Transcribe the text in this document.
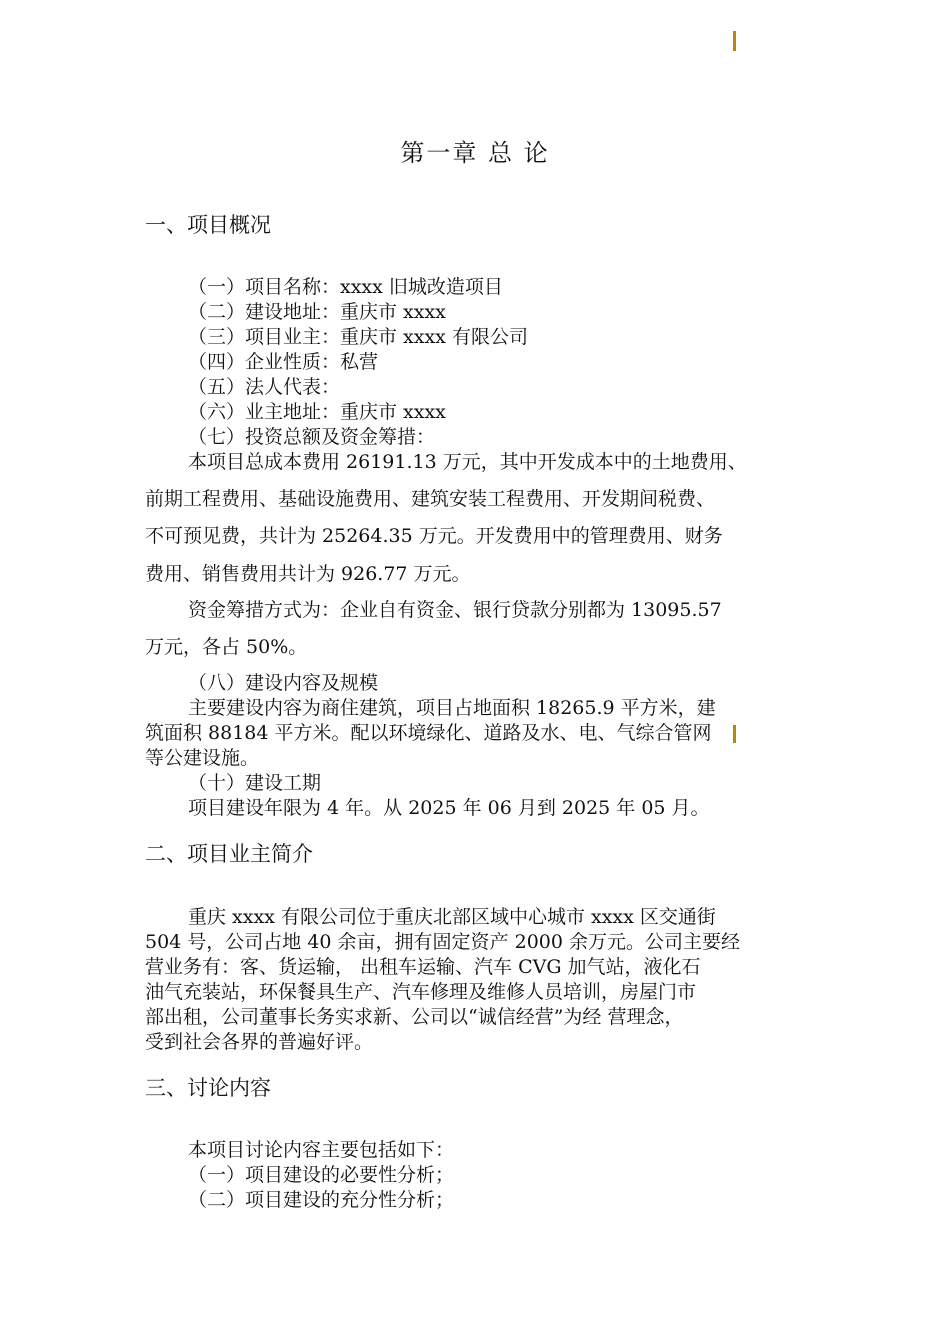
第一章 总 论
一、项目概况
（一）项目名称：xxxx 旧城改造项目
（二）建设地址：重庆市 xxxx
（三）项目业主：重庆市 xxxx 有限公司
（四）企业性质：私营
（五）法人代表：
（六）业主地址：重庆市 xxxx
（七）投资总额及资金筹措：
本项目总成本费用 26191.13 万元，其中开发成本中的土地费用、
前期工程费用、基础设施费用、建筑安装工程费用、开发期间税费、
不可预见费，共计为 25264.35 万元。开发费用中的管理费用、财务
费用、销售费用共计为 926.77 万元。
资金筹措方式为：企业自有资金、银行贷款分别都为 13095.57
万元，各占 50%。
（八）建设内容及规模
主要建设内容为商住建筑，项目占地面积 18265.9 平方米，建
筑面积 88184 平方米。配以环境绿化、道路及水、电、气综合管网
等公建设施。
（十）建设工期
项目建设年限为 4 年。从 2025 年 06 月到 2025 年 05 月。
二、项目业主简介
重庆 xxxx 有限公司位于重庆北部区域中心城市 xxxx 区交通街
504 号，公司占地 40 余亩，拥有固定资产 2000 余万元。公司主要经
营业务有：客、货运输， 出租车运输、汽车 CVG 加气站，液化石
油气充装站，环保餐具生产、汽车修理及维修人员培训，房屋门市
部出租，公司董事长务实求新、公司以“诚信经营”为经 营理念，
受到社会各界的普遍好评。
三、讨论内容
本项目讨论内容主要包括如下：
（一）项目建设的必要性分析；
（二）项目建设的充分性分析；
